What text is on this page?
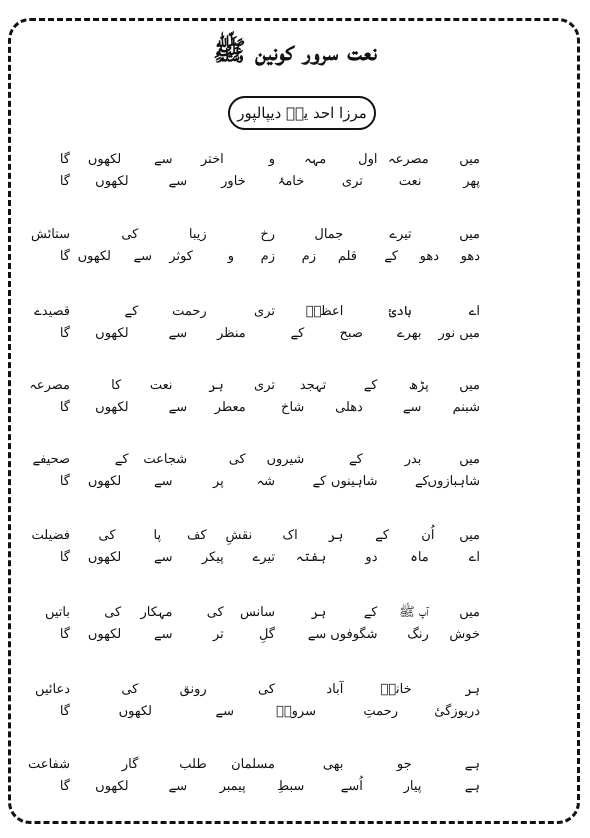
نعت سرور کونین ﷺ
مرزا احد یدؔ دیپالپور
میں
مصرعہ
اول
مہہ
و
اختر
سے
لکھوں
گا
پھر
نعت
تری
خامۂ
خاور
سے
لکھوں
گا
میں
تیرے
جمال
رخ
زیبا
کی
ستائش
دھو
دھو
کے
قلم
زم
زم
و
کوثر
سے
لکھوں
گا
اے
ہادئ
اعظمؐ
تری
رحمت
کے
قصیدے
میں نور
بھرے
صبح
کے
منظر
سے
لکھوں
گا
میں
پڑھ
کے
تہجد
تری
ہر
نعت
کا
مصرعہ
شبنم
سے
دھلی
شاخ
معطر
سے
لکھوں
گا
میں
بدر
کے
شیروں
کی
شجاعت
کے
صحیفے
شاہبازوں
کے
شاہینوں
کے
شہ
پر
سے
لکھوں
گا
میں
اُن
کے
ہر
اک
نقشِ
کف
پا
کی
فضیلت
اے
ماہ
دو
ہفتہ
تیرے
پیکر
سے
لکھوں
گا
میں
آپ ﷺ
کے
ہر
سانس
کی
مہکار
کی
باتیں
خوش
رنگ
شگوفوں
سے
گلِ
تر
سے
لکھوں
گا
ہر
خانہؑ
آباد
کی
رونق
کی
دعائیں
دریوزگیٔ
رحمتِ
سرورؐ
سے
لکھوں
گا
ہے
جو
بھی
مسلمان
طلب
گار
شفاعت
ہے
پیار
اُسے
سبطِ
پیمبر
سے
لکھوں
گا
